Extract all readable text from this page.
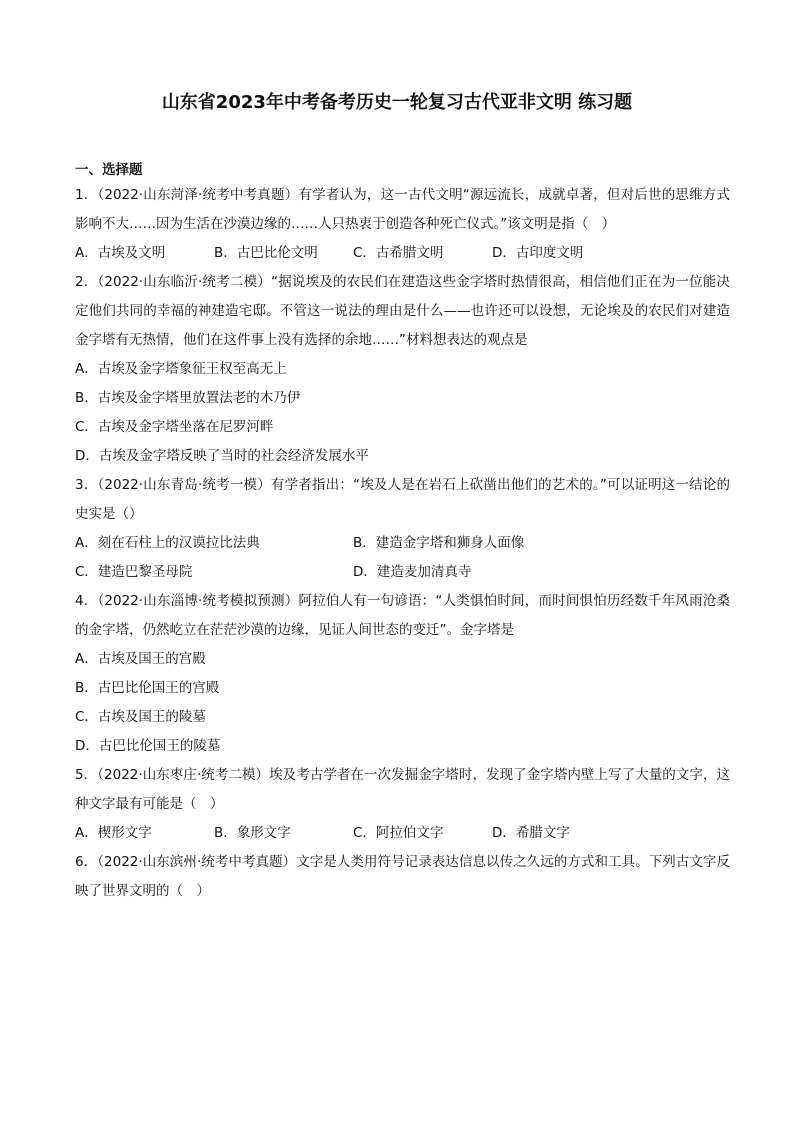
山东省2023年中考备考历史一轮复习古代亚非文明 练习题
一、选择题
1．（2022·山东菏泽·统考中考真题）有学者认为，这一古代文明“源远流长，成就卓著，但对后世的思维方式影响不大……因为生活在沙漠边缘的……人只热衷于创造各种死亡仪式。”该文明是指（　）
A．古埃及文明	B．古巴比伦文明	C．古希腊文明	D．古印度文明
2．（2022·山东临沂·统考二模）“据说埃及的农民们在建造这些金字塔时热情很高，相信他们正在为一位能决定他们共同的幸福的神建造宅邸。不管这一说法的理由是什么——也许还可以设想，无论埃及的农民们对建造金字塔有无热情，他们在这件事上没有选择的余地……”材料想表达的观点是
A．古埃及金字塔象征王权至高无上
B．古埃及金字塔里放置法老的木乃伊
C．古埃及金字塔坐落在尼罗河畔
D．古埃及金字塔反映了当时的社会经济发展水平
3．（2022·山东青岛·统考一模）有学者指出：“埃及人是在岩石上砍凿出他们的艺术的。”可以证明这一结论的史实是（）
A．刻在石柱上的汉谟拉比法典	B．建造金字塔和狮身人面像
C．建造巴黎圣母院	D．建造麦加清真寺
4．（2022·山东淄博·统考模拟预测）阿拉伯人有一句谚语：“人类惧怕时间，而时间惧怕历经数千年风雨沧桑的金字塔，仍然屹立在茫茫沙漠的边缘，见证人间世态的变迁”。金字塔是
A．古埃及国王的宫殿
B．古巴比伦国王的宫殿
C．古埃及国王的陵墓
D．古巴比伦国王的陵墓
5．（2022·山东枣庄·统考二模）埃及考古学者在一次发掘金字塔时，发现了金字塔内壁上写了大量的文字，这种文字最有可能是（　）
A．楔形文字	B．象形文字	C．阿拉伯文字	D．希腊文字
6．（2022·山东滨州·统考中考真题）文字是人类用符号记录表达信息以传之久远的方式和工具。下列古文字反映了世界文明的（　）
